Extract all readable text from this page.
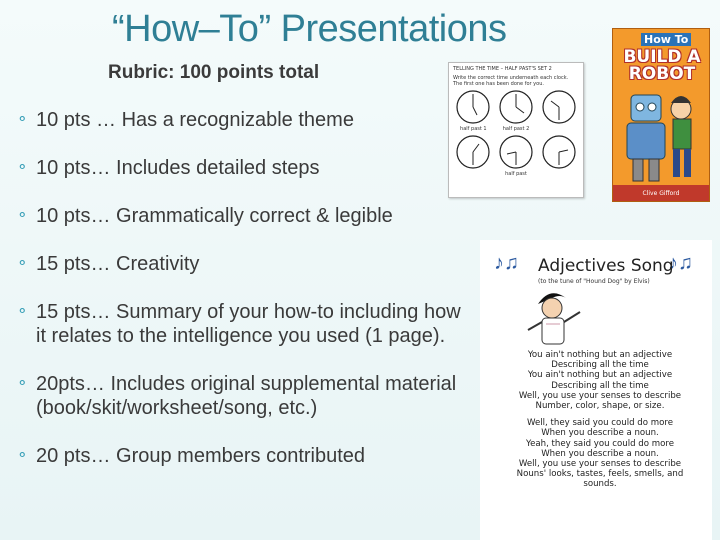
“How–To” Presentations
Rubric: 100 points total
⚬ 10 pts … Has a recognizable theme
⚬ 10 pts… Includes detailed steps
⚬ 10 pts… Grammatically correct & legible
⚬ 15 pts… Creativity
⚬ 15 pts… Summary of your how-to including how it relates to the intelligence you used (1 page).
⚬ 20pts… Includes original supplemental material (book/skit/worksheet/song, etc.)
⚬ 20 pts… Group members contributed
TELLING THE TIME – HALF PAST'S SET 2
Write the correct time underneath each clock. The first one has been done for you.
half past 1	half past 2
half past
How To
BUILD A ROBOT
Clive Gifford
♪♫	♪♫
Adjectives Song
(to the tune of "Hound Dog" by Elvis)
You ain't nothing but an adjective
Describing all the time
You ain't nothing but an adjective
Describing all the time
Well, you use your senses to describe
Number, color, shape, or size.
Well, they said you could do more
When you describe a noun.
Yeah, they said you could do more
When you describe a noun.
Well, you use your senses to describe
Nouns' looks, tastes, feels, smells, and sounds.
